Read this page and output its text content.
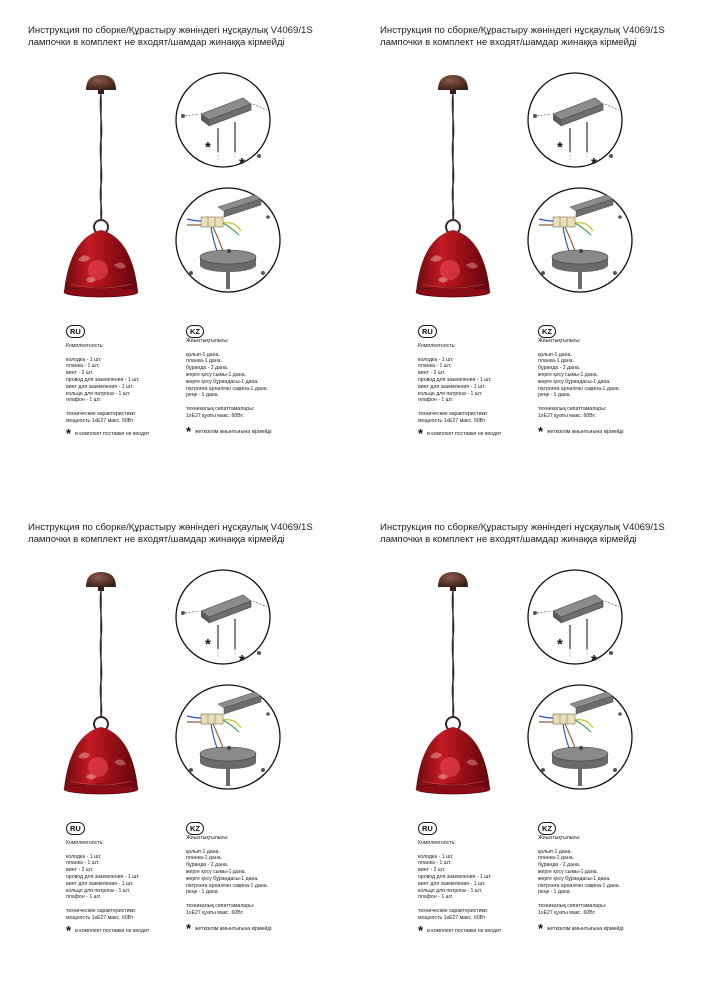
Инструкция по сборке/Құрастыру жөніндегі нұсқаулық V4069/1S
лампочки в комплект не входят/шамдар жинаққа кірмейді
*
*
RU
Комплектность:
колодка - 1 шт.
планка - 1 шт.
винт - 2 шт.
провод для заземления - 1 шт.
винт для заземления - 1 шт.
кольцо для патрона - 1 шт.
плафон - 1 шт.
технические характеристики:
мощность 1xE27 макс. 60Вт
* в комплект поставки не входит
KZ
Жиынтықтылығы:
қалып-1 дана.
планка-1 дана.
бұрандa - 2 дана.
жерге қосу сымы-1 дана.
жерге қосу бұрандасы-1 дана.
патронға арналған сақина-1 дана.
реңк - 1 дана.
техникалық сипаттамалары:
1xE27 қуаты макс. 60Вт.
* жеткізілім жиынтығына кірмейді
Инструкция по сборке/Құрастыру жөніндегі нұсқаулық V4069/1S
лампочки в комплект не входят/шамдар жинаққа кірмейді
*
*
RU
Комплектность:
колодка - 1 шт.
планка - 1 шт.
винт - 2 шт.
провод для заземления - 1 шт.
винт для заземления - 1 шт.
кольцо для патрона - 1 шт.
плафон - 1 шт.
технические характеристики:
мощность 1xE27 макс. 60Вт
* в комплект поставки не входит
KZ
Жиынтықтылығы:
қалып-1 дана.
планка-1 дана.
бұрандa - 2 дана.
жерге қосу сымы-1 дана.
жерге қосу бұрандасы-1 дана.
патронға арналған сақина-1 дана.
реңк - 1 дана.
техникалық сипаттамалары:
1xE27 қуаты макс. 60Вт.
* жеткізілім жиынтығына кірмейді
Инструкция по сборке/Құрастыру жөніндегі нұсқаулық V4069/1S
лампочки в комплект не входят/шамдар жинаққа кірмейді
*
*
RU
Комплектность:
колодка - 1 шт.
планка - 1 шт.
винт - 2 шт.
провод для заземления - 1 шт.
винт для заземления - 1 шт.
кольцо для патрона - 1 шт.
плафон - 1 шт.
технические характеристики:
мощность 1xE27 макс. 60Вт
* в комплект поставки не входит
KZ
Жиынтықтылығы:
қалып-1 дана.
планка-1 дана.
бұрандa - 2 дана.
жерге қосу сымы-1 дана.
жерге қосу бұрандасы-1 дана.
патронға арналған сақина-1 дана.
реңк - 1 дана.
техникалық сипаттамалары:
1xE27 қуаты макс. 60Вт.
* жеткізілім жиынтығына кірмейді
Инструкция по сборке/Құрастыру жөніндегі нұсқаулық V4069/1S
лампочки в комплект не входят/шамдар жинаққа кірмейді
*
*
RU
Комплектность:
колодка - 1 шт.
планка - 1 шт.
винт - 2 шт.
провод для заземления - 1 шт.
винт для заземления - 1 шт.
кольцо для патрона - 1 шт.
плафон - 1 шт.
технические характеристики:
мощность 1xE27 макс. 60Вт
* в комплект поставки не входит
KZ
Жиынтықтылығы:
қалып-1 дана.
планка-1 дана.
бұрандa - 2 дана.
жерге қосу сымы-1 дана.
жерге қосу бұрандасы-1 дана.
патронға арналған сақина-1 дана.
реңк - 1 дана.
техникалық сипаттамалары:
1xE27 қуаты макс. 60Вт.
* жеткізілім жиынтығына кірмейді
